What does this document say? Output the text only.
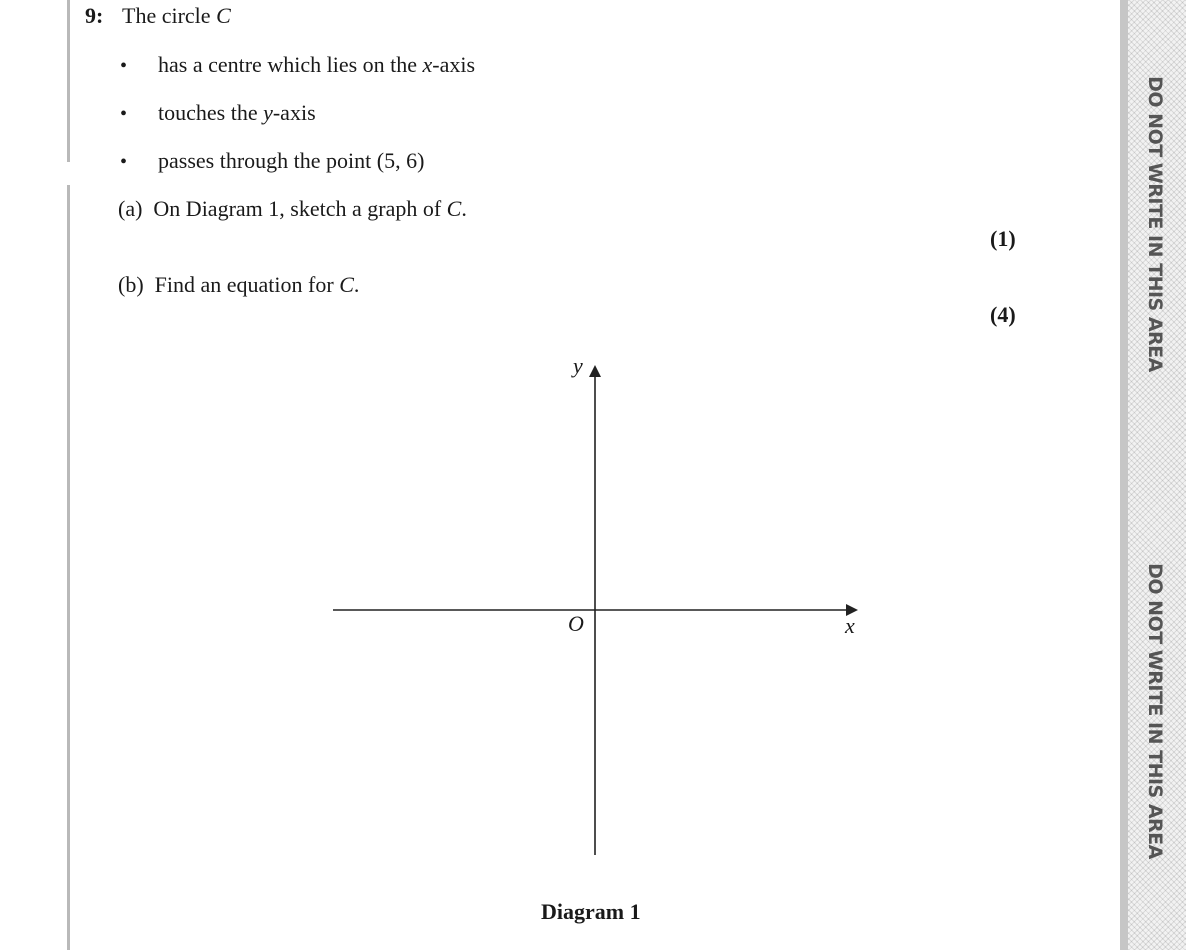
9: The circle C
• has a centre which lies on the x-axis
• touches the y-axis
• passes through the point (5, 6)
(a) On Diagram 1, sketch a graph of C.
(1)
(b) Find an equation for C.
(4)
y
x
O
Diagram 1
DO NOT WRITE IN THIS AREA
DO NOT WRITE IN THIS AREA
